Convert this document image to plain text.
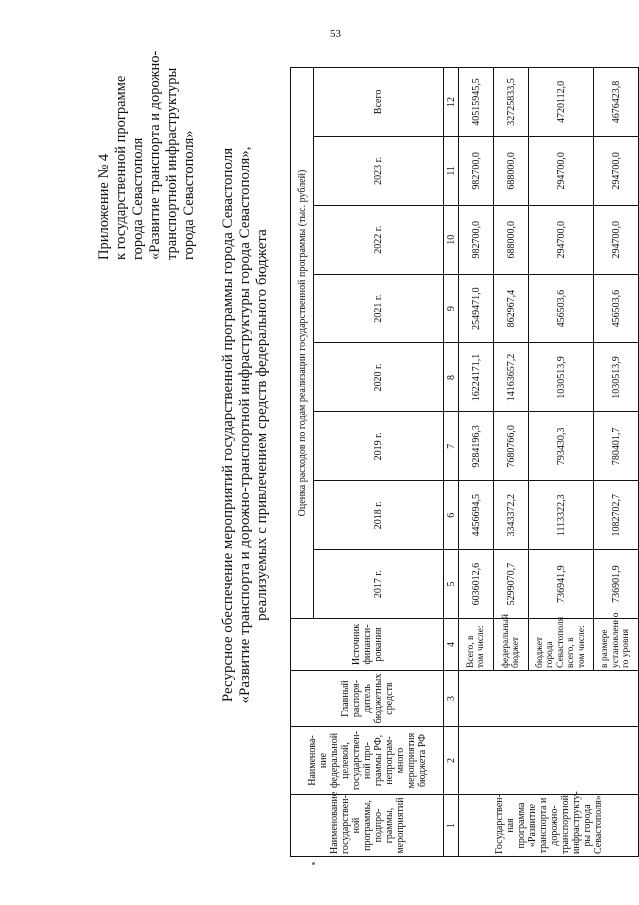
53
Приложение № 4 к государственной программе города Севастополя «Развитие транспорта и дорожно- транспортной инфраструктуры города Севастополя» Ресурсное обеспечение мероприятий государственной программы города Севастополя «Развитие транспорта и дорожно-транспортной инфраструктуры города Севастополя», реализуемых с привлечением средств федерального бюджета
Наименование государствен-ной программы, подпро-граммы, мероприятий	Наименова-ние федеральной целевой, государствен-ной про-граммы РФ, непрограм-много мероприятия бюджета РФ	Главный распоря-дитель бюджетных средств	Источник финанси-рования	Оценка расходов по годам реализации государственной программы (тыс. рублей)							
				2017 г.	2018 г.	2019 г.	2020 г.	2021 г.	2022 г.	2023 г.	Всего
1	2	3	4	5	6	7	8	9	10	11	12
Государствен-ная программа «Развитие транспорта и дорожно-транспортной инфраструкту-ры города Севастополя»			Всего, в том числе:	6036012,6	4456694,5	9284196,3	16224171,1	2549471,0	982700,0	982700,0	40515945,5
			федеральный бюджет	5299070,7	3343372,2	7680766,0	14163657,2	862967,4	688000,0	688000,0	32725833,5
			бюджет города Севастополя всего, в том числе:	736941,9	1113322,3	793430,3	1030513,9	456503,6	294700,0	294700,0	4720112,0
			в размере установленно го уровня	736901,9	1082702,7	780401,7	1030513,9	456503,6	294700,0	294700,0	4676423,8
